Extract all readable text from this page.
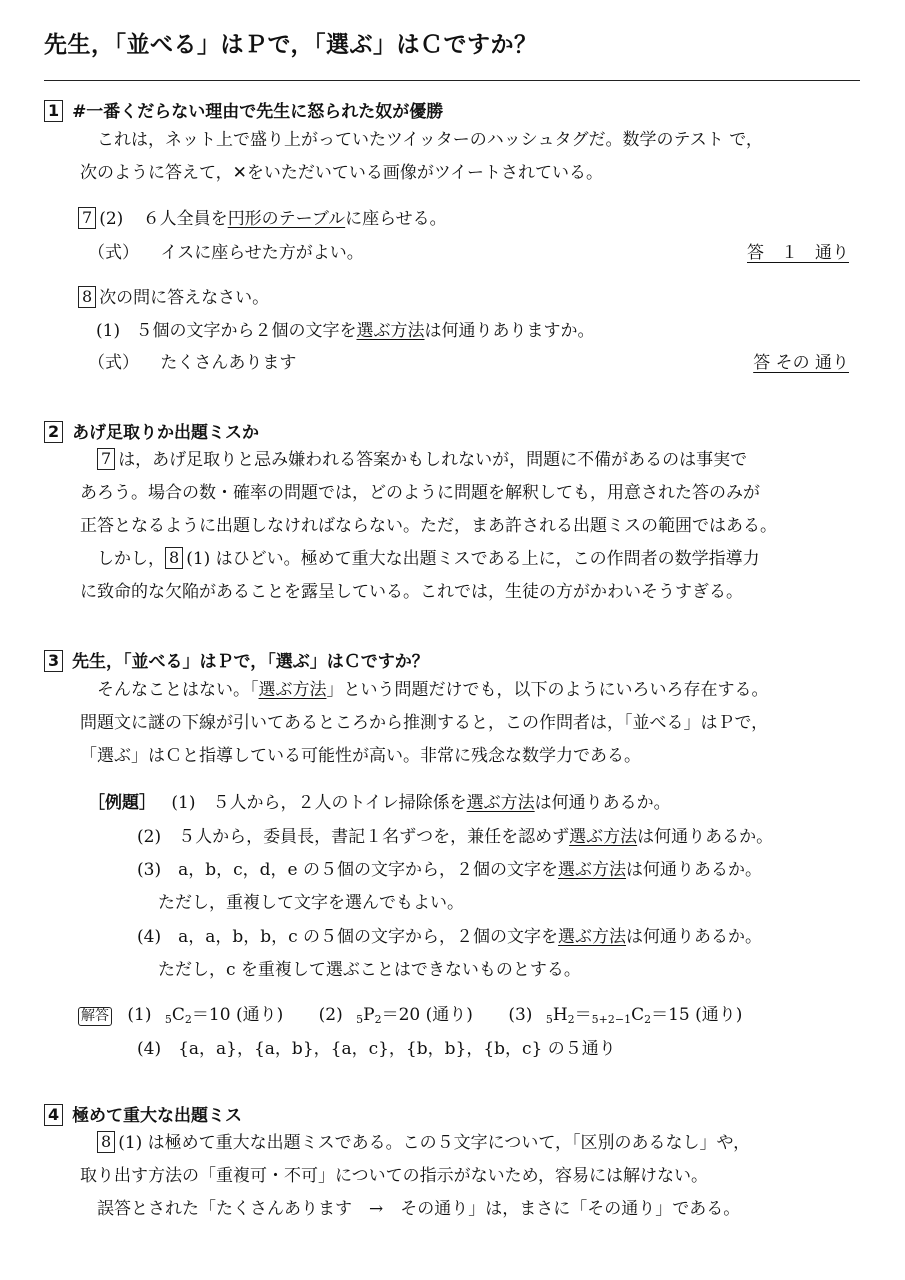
先生，「並べる」はＰで，「選ぶ」はＣですか？
1 #一番くだらない理由で先生に怒られた奴が優勝
これは，ネット上で盛り上がっていたツイッターのハッシュタグだ。数学のテスト で，
次のように答えて，✕をいただいている画像がツイートされている。
7 (2) ６人全員を円形のテーブルに座らせる。
（式） イスに座らせた方がよい。	答　１　通り
8 次の問に答えなさい。
(1) ５個の文字から２個の文字を選ぶ方法は何通りありますか。
（式） たくさんあります	答 その 通り
2 あげ足取りか出題ミスか
7 は，あげ足取りと忌み嫌われる答案かもしれないが，問題に不備があるのは事実で
あろう。場合の数・確率の問題では，どのように問題を解釈しても，用意された答のみが
正答となるように出題しなければならない。ただ，まあ許される出題ミスの範囲ではある。
しかし， 8 (1) はひどい。極めて重大な出題ミスである上に，この作問者の数学指導力
に致命的な欠陥があることを露呈している。これでは，生徒の方がかわいそうすぎる。
3 先生，「並べる」はＰで，「選ぶ」はＣですか？
そんなことはない。「選ぶ方法」という問題だけでも，以下のようにいろいろ存在する。
問題文に謎の下線が引いてあるところから推測すると，この作問者は，「並べる」はＰで，
「選ぶ」はＣと指導している可能性が高い。非常に残念な数学力である。
［例題］ (1)　５人から，２人のトイレ掃除係を選ぶ方法は何通りあるか。
(2)　５人から，委員長，書記１名ずつを，兼任を認めず選ぶ方法は何通りあるか。
(3)　a，b，c，d，e の５個の文字から，２個の文字を選ぶ方法は何通りあるか。
ただし，重複して文字を選んでもよい。
(4)　a，a，b，b，c の５個の文字から，２個の文字を選ぶ方法は何通りあるか。
ただし，c を重複して選ぶことはできないものとする。
解答 (1) $_5C_2=10$ (通り) (2) $_5P_2=20$ (通り) (3) $_5H_2=_{5+2-1}C_2=15$ (通り)
(4)　{a，a}，{a，b}，{a，c}，{b，b}，{b，c} の５通り
4 極めて重大な出題ミス
8 (1) は極めて重大な出題ミスである。この５文字について，「区別のあるなし」や，
取り出す方法の「重複可・不可」についての指示がないため，容易には解けない。
誤答とされた「たくさんあります　→　その通り」は，まさに「その通り」である。
